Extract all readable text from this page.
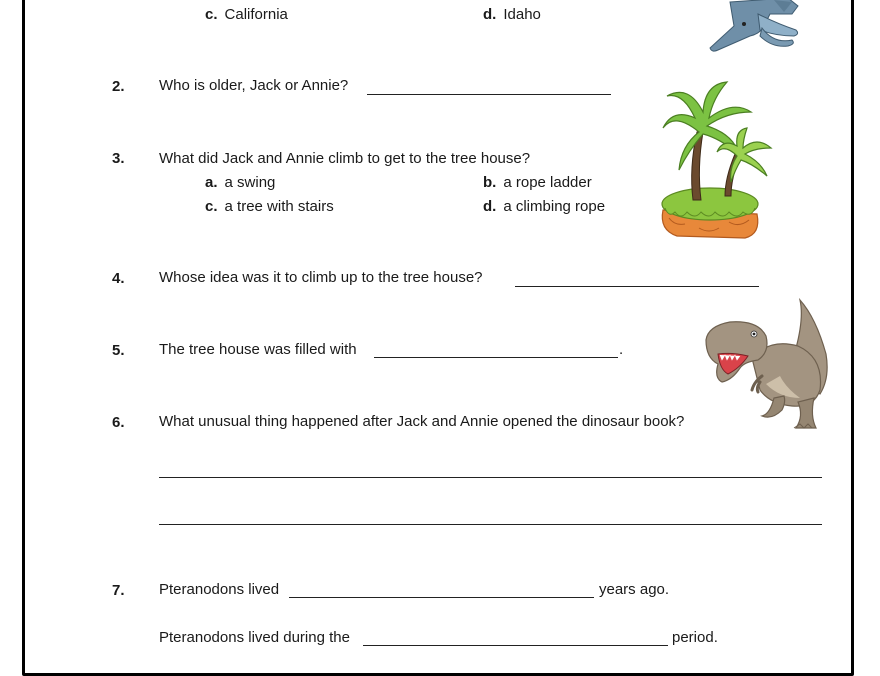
c. California	d. Idaho
2. Who is older, Jack or Annie?
3. What did Jack and Annie climb to get to the tree house?
a. a swing	b. a rope ladder
c. a tree with stairs	d. a climbing rope
4. Whose idea was it to climb up to the tree house?
5. The tree house was filled with	.
6. What unusual thing happened after Jack and Annie opened the dinosaur book?
7. Pteranodons lived	years ago.
Pteranodons lived during the	period.
